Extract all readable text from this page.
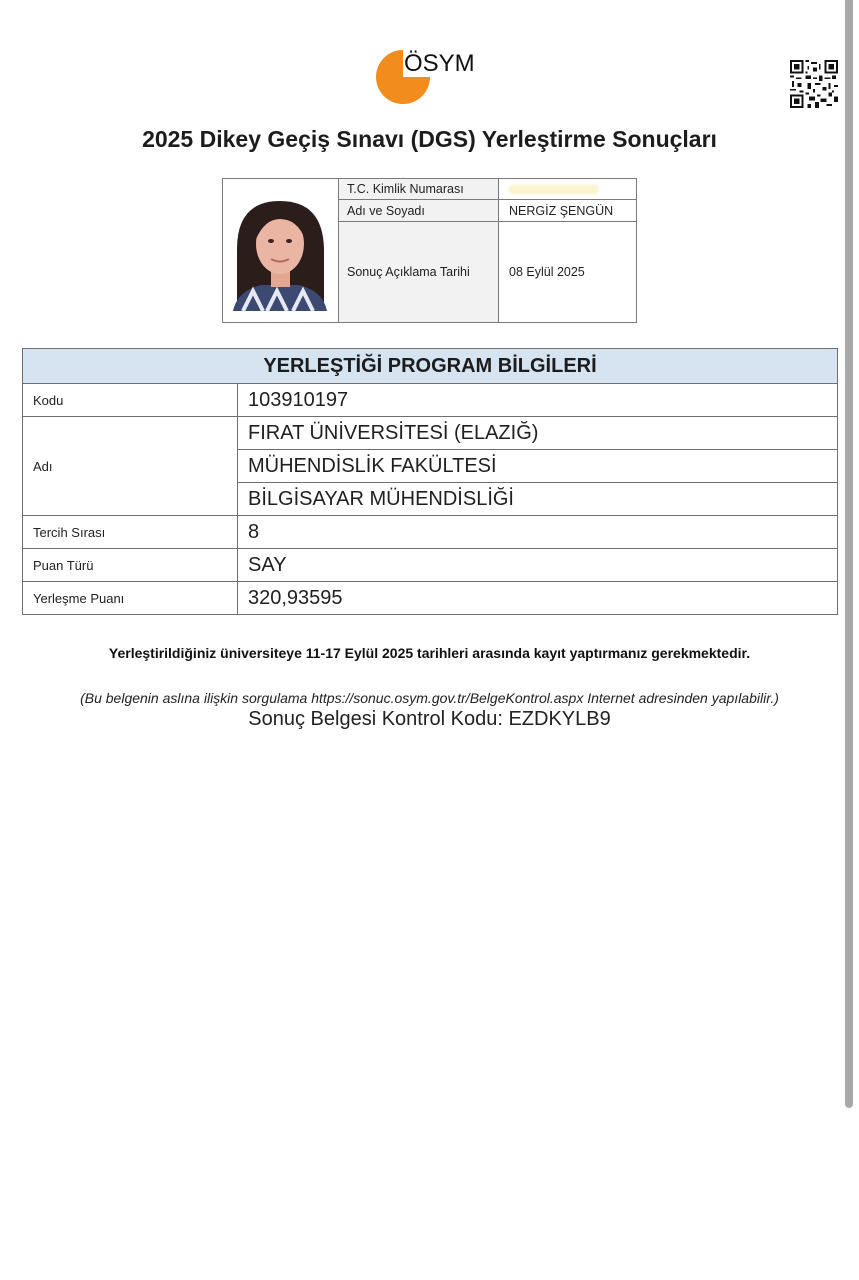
ÖSYM
2025 Dikey Geçiş Sınavı (DGS) Yerleştirme Sonuçları
T.C. Kimlik Numarası
Adı ve Soyadı	NERGİZ ŞENGÜN
Sonuç Açıklama Tarihi	08 Eylül 2025
YERLEŞTİĞİ PROGRAM BİLGİLERİ	
Kodu	103910197
Adı	FIRAT ÜNİVERSİTESİ (ELAZIĞ)
	MÜHENDİSLİK FAKÜLTESİ
	BİLGİSAYAR MÜHENDİSLİĞİ
Tercih Sırası	8
Puan Türü	SAY
Yerleşme Puanı	320,93595
Yerleştirildiğiniz üniversiteye 11-17 Eylül 2025 tarihleri arasında kayıt yaptırmanız gerekmektedir.
(Bu belgenin aslına ilişkin sorgulama https://sonuc.osym.gov.tr/BelgeKontrol.aspx Internet adresinden yapılabilir.)
Sonuç Belgesi Kontrol Kodu: EZDKYLB9
